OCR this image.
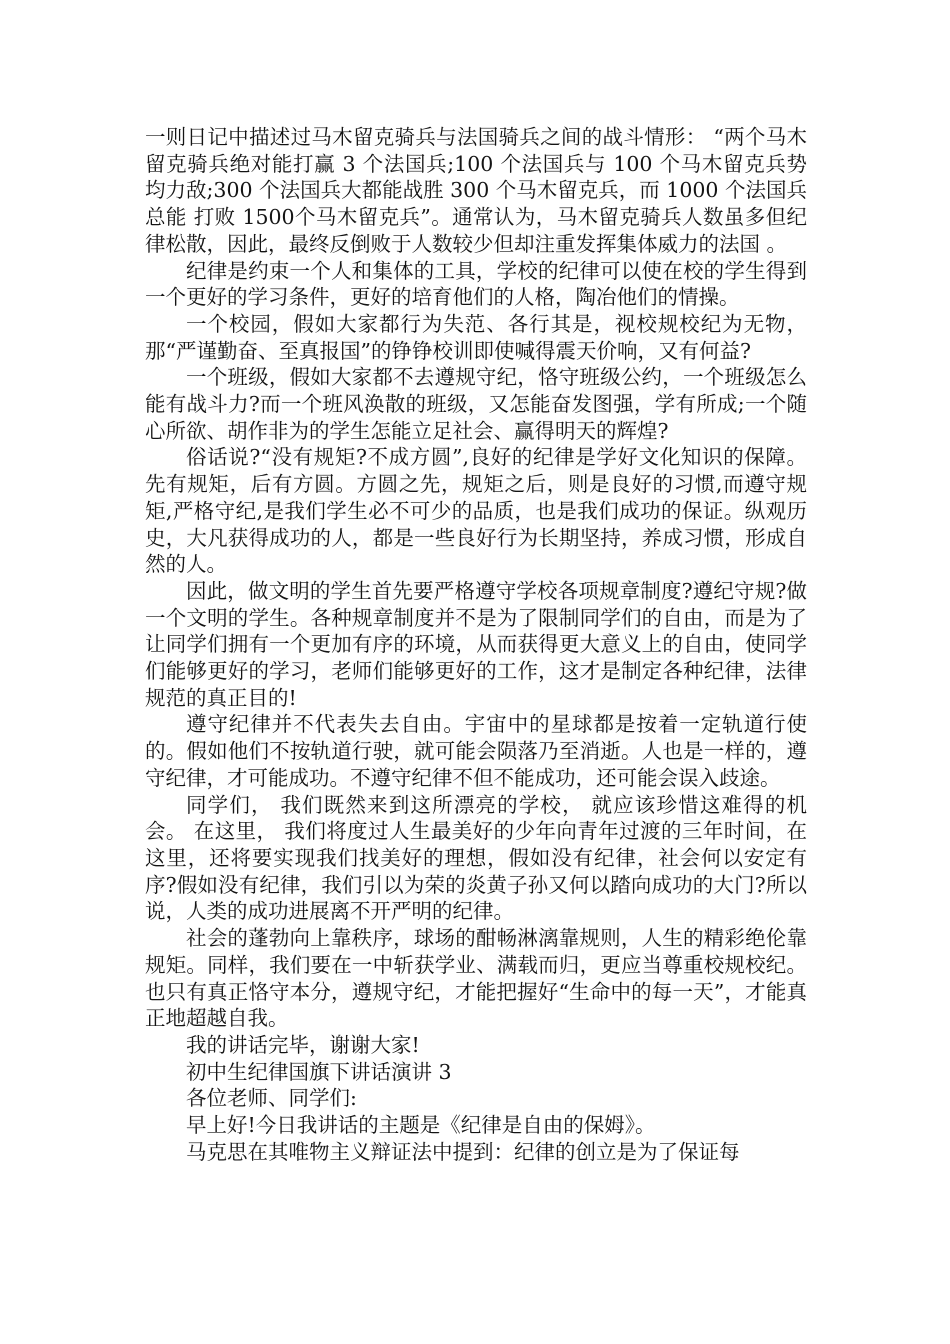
一则日记中描述过马木留克骑兵与法国骑兵之间的战斗情形： “两个马木留克骑兵绝对能打赢 3 个法国兵;100 个法国兵与 100 个马木留克兵势均力敌;300 个法国兵大都能战胜 300 个马木留克兵，而 1000 个法国兵总能 打败 1500个马木留克兵”。通常认为，马木留克骑兵人数虽多但纪律松散，因此，最终反倒败于人数较少但却注重发挥集体威力的法国 。

纪律是约束一个人和集体的工具，学校的纪律可以使在校的学生得到一个更好的学习条件，更好的培育他们的人格，陶冶他们的情操。

一个校园，假如大家都行为失范、各行其是，视校规校纪为无物，那“严谨勤奋、至真报国”的铮铮校训即使喊得震天价响，又有何益?

一个班级，假如大家都不去遵规守纪，恪守班级公约，一个班级怎么能有战斗力?而一个班风涣散的班级，又怎能奋发图强，学有所成;一个随心所欲、胡作非为的学生怎能立足社会、赢得明天的辉煌?

俗话说?“没有规矩?不成方圆”,良好的纪律是学好文化知识的保障。先有规矩，后有方圆。方圆之先，规矩之后，则是良好的习惯,而遵守规矩,严格守纪,是我们学生必不可少的品质，也是我们成功的保证。纵观历史，大凡获得成功的人，都是一些良好行为长期坚持，养成习惯，形成自然的人。

因此，做文明的学生首先要严格遵守学校各项规章制度?遵纪守规?做一个文明的学生。各种规章制度并不是为了限制同学们的自由，而是为了让同学们拥有一个更加有序的环境，从而获得更大意义上的自由，使同学们能够更好的学习，老师们能够更好的工作，这才是制定各种纪律，法律规范的真正目的!

遵守纪律并不代表失去自由。宇宙中的星球都是按着一定轨道行使的。假如他们不按轨道行驶，就可能会陨落乃至消逝。人也是一样的，遵守纪律，才可能成功。不遵守纪律不但不能成功，还可能会误入歧途。

同学们， 我们既然来到这所漂亮的学校， 就应该珍惜这难得的机会。 在这里， 我们将度过人生最美好的少年向青年过渡的三年时间，在这里，还将要实现我们找美好的理想，假如没有纪律，社会何以安定有序?假如没有纪律，我们引以为荣的炎黄子孙又何以踏向成功的大门?所以说，人类的成功进展离不开严明的纪律。

社会的蓬勃向上靠秩序，球场的酣畅淋漓靠规则，人生的精彩绝伦靠规矩。同样，我们要在一中斩获学业、满载而归，更应当尊重校规校纪。也只有真正恪守本分，遵规守纪，才能把握好“生命中的每一天”，才能真正地超越自我。

我的讲话完毕，谢谢大家!

初中生纪律国旗下讲话演讲 3

各位老师、同学们:

早上好!今日我讲话的主题是《纪律是自由的保姆》。

马克思在其唯物主义辩证法中提到：纪律的创立是为了保证每
